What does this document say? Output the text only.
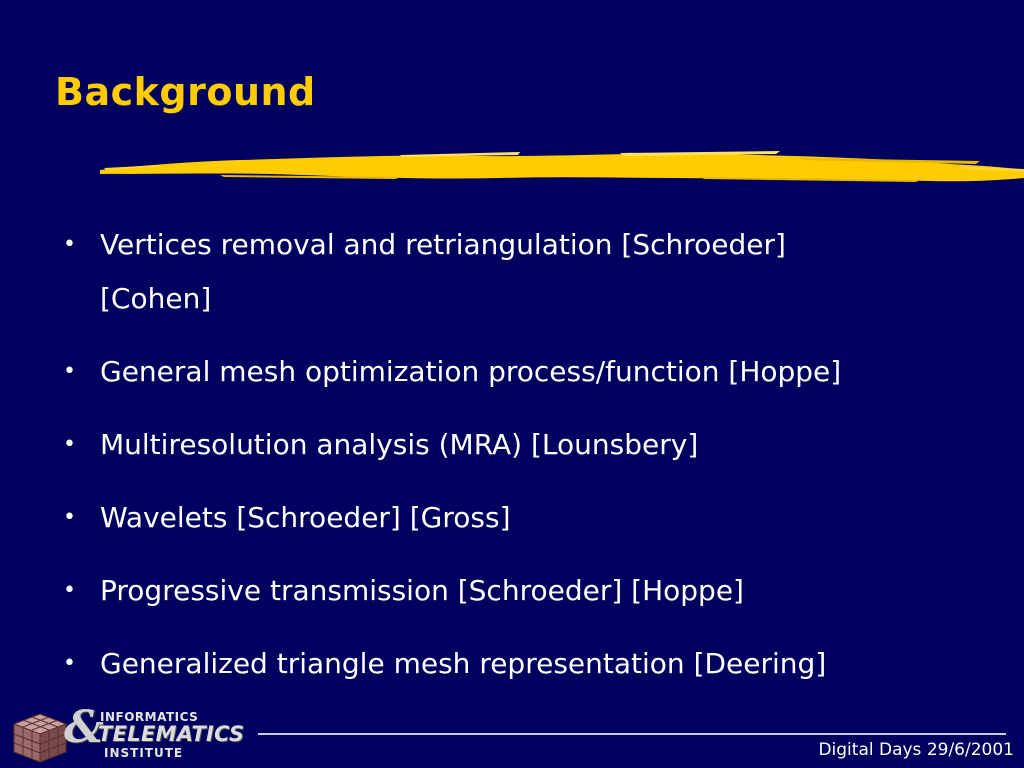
Background
• Vertices removal and retriangulation [Schroeder] [Cohen]
• General mesh optimization process/function [Hoppe]
• Multiresolution analysis (MRA) [Lounsbery]
• Wavelets [Schroeder] [Gross]
• Progressive transmission [Schroeder] [Hoppe]
• Generalized triangle mesh representation [Deering]
&
INFORMATICS
TELEMATICS
INSTITUTE	Digital Days 29/6/2001
